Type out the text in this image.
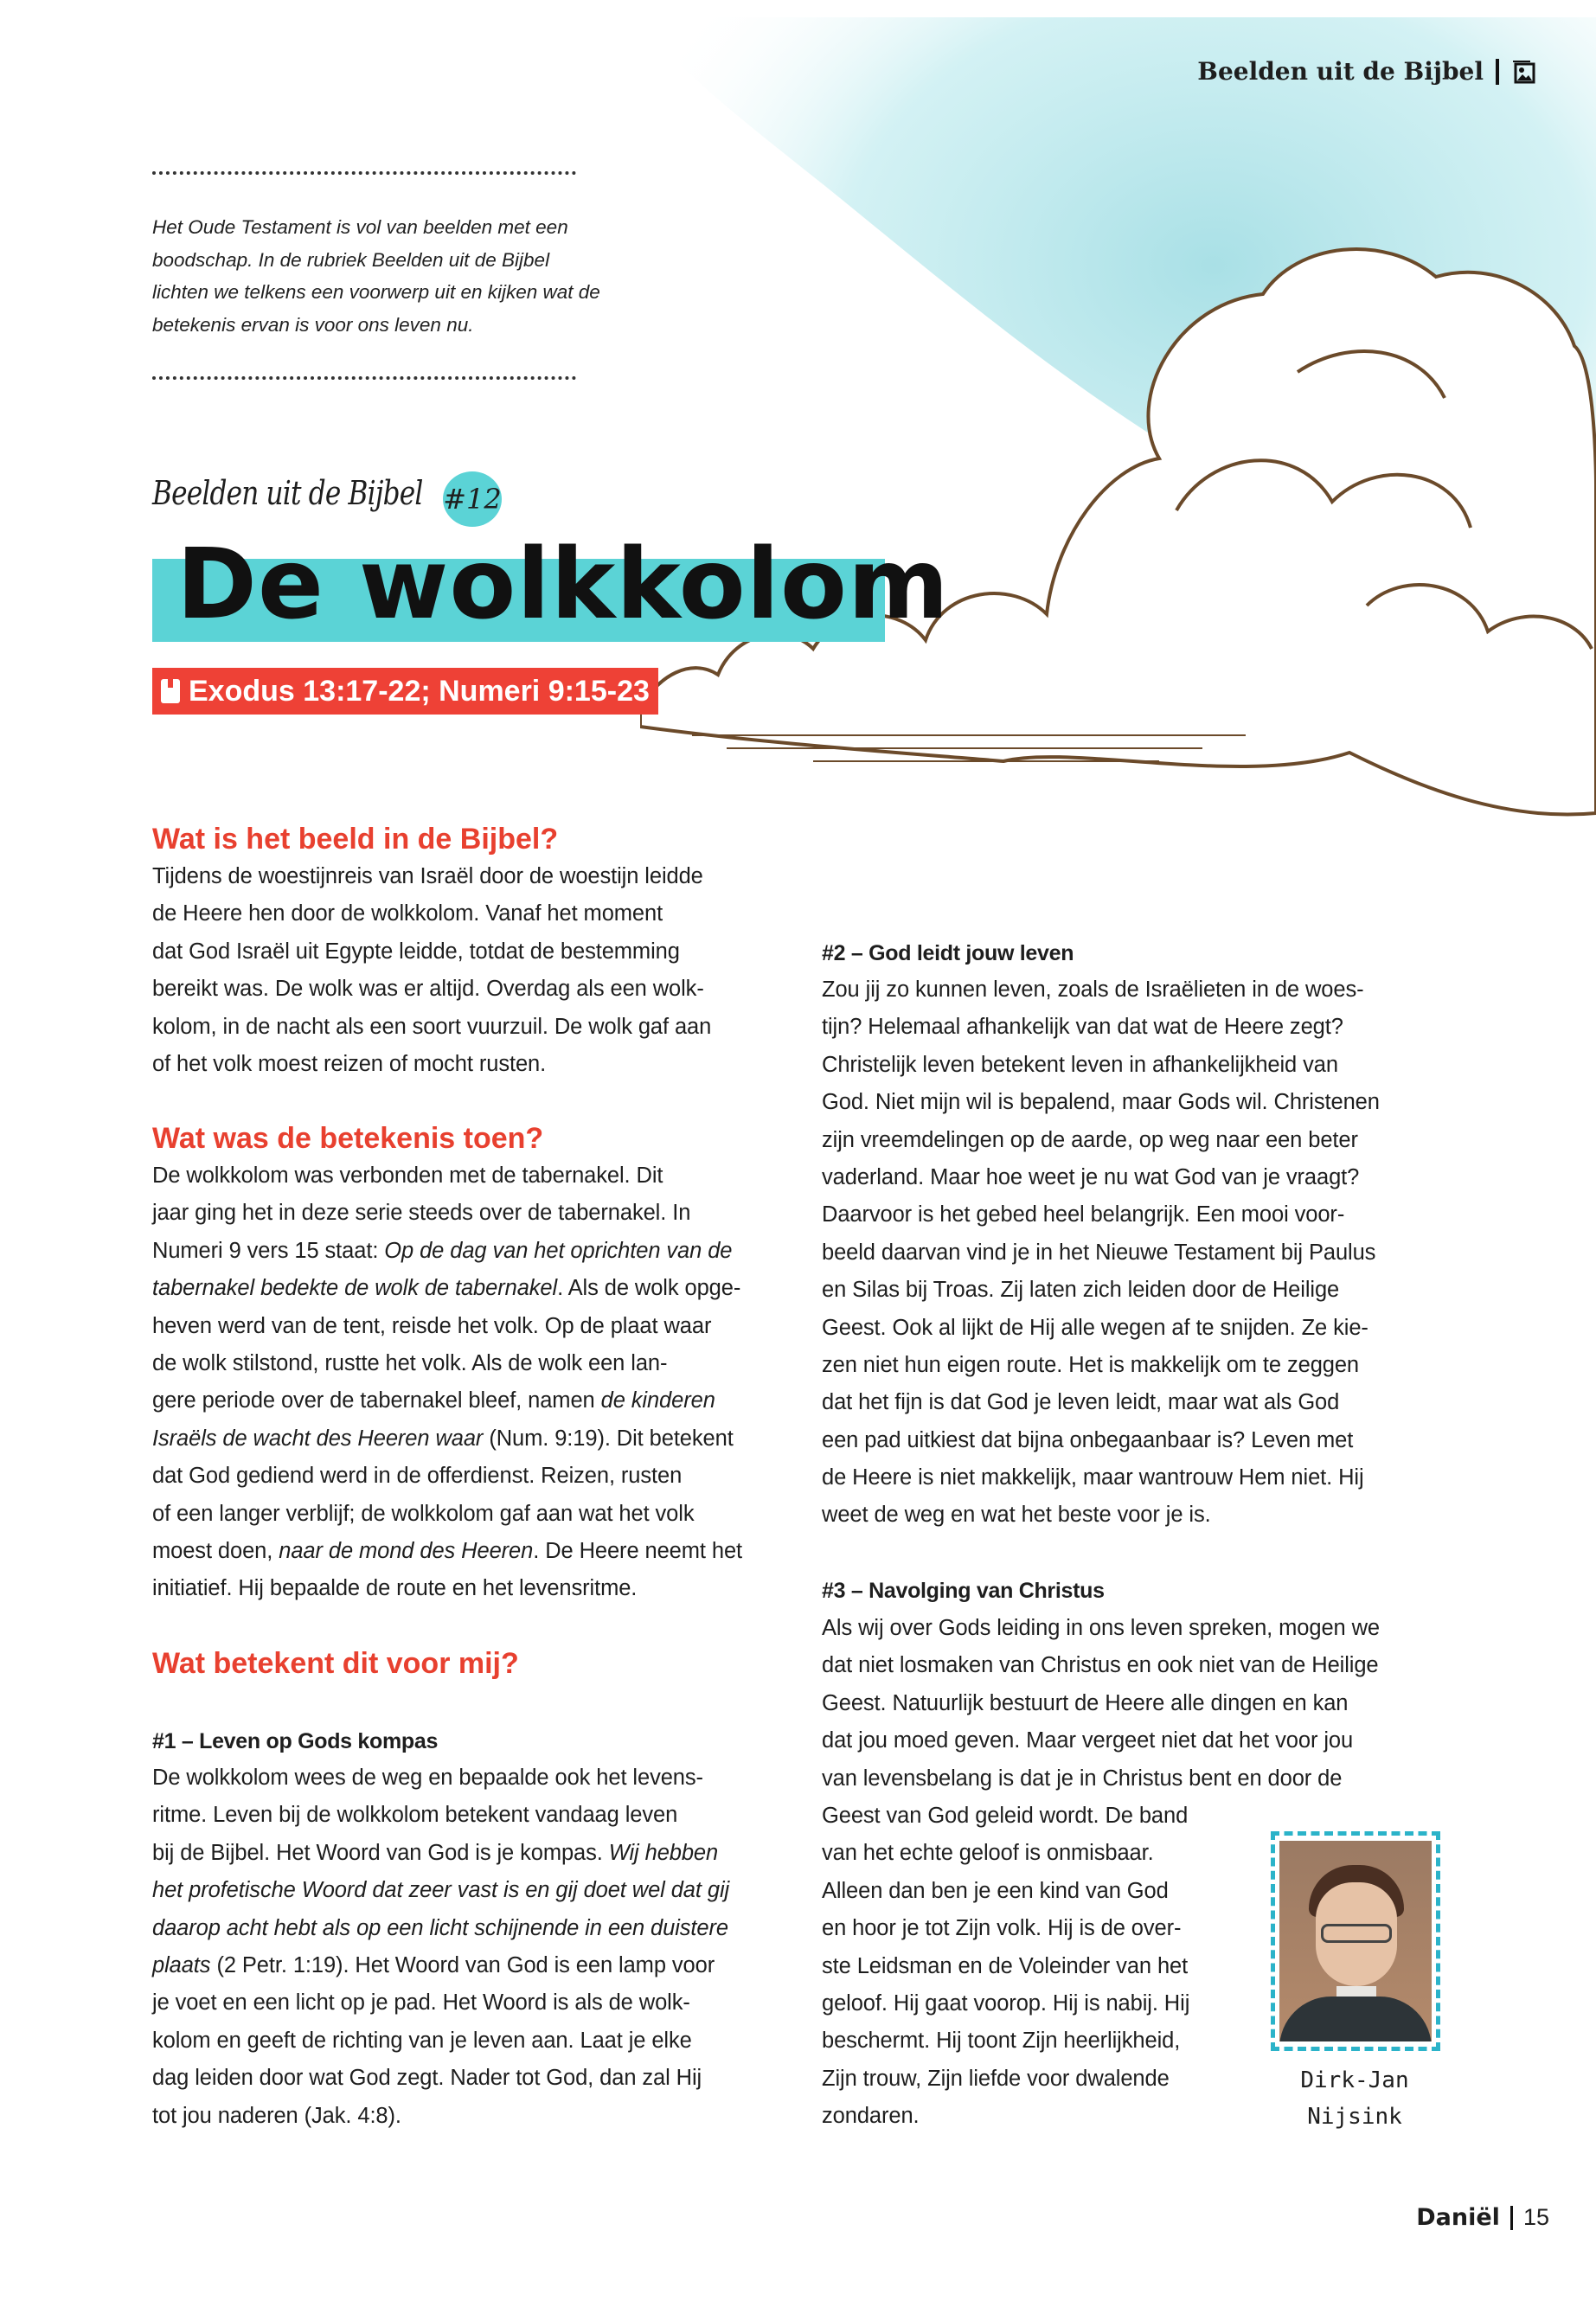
Beelden uit de Bijbel
Het Oude Testament is vol van beelden met een boodschap. In de rubriek Beelden uit de Bijbel lichten we telkens een voorwerp uit en kijken wat de betekenis ervan is voor ons leven nu.
Beelden uit de Bijbel #12
De wolkkolom
Exodus 13:17-22; Numeri 9:15-23
Wat is het beeld in de Bijbel?
Tijdens de woestijnreis van Israël door de woestijn leidde
de Heere hen door de wolkkolom. Vanaf het moment
dat God Israël uit Egypte leidde, totdat de bestemming
bereikt was. De wolk was er altijd. Overdag als een wolk-
kolom, in de nacht als een soort vuurzuil. De wolk gaf aan
of het volk moest reizen of mocht rusten.
Wat was de betekenis toen?
De wolkkolom was verbonden met de tabernakel. Dit
jaar ging het in deze serie steeds over de tabernakel. In
Numeri 9 vers 15 staat: Op de dag van het oprichten van de
tabernakel bedekte de wolk de tabernakel. Als de wolk opge-
heven werd van de tent, reisde het volk. Op de plaat waar
de wolk stilstond, rustte het volk. Als de wolk een lan-
gere periode over de tabernakel bleef, namen de kinderen
Israëls de wacht des Heeren waar (Num. 9:19). Dit betekent
dat God gediend werd in de offerdienst. Reizen, rusten
of een langer verblijf; de wolkkolom gaf aan wat het volk
moest doen, naar de mond des Heeren. De Heere neemt het
initiatief. Hij bepaalde de route en het levensritme.
Wat betekent dit voor mij?
#1 – Leven op Gods kompas
De wolkkolom wees de weg en bepaalde ook het levens-
ritme. Leven bij de wolkkolom betekent vandaag leven
bij de Bijbel. Het Woord van God is je kompas. Wij hebben
het profetische Woord dat zeer vast is en gij doet wel dat gij
daarop acht hebt als op een licht schijnende in een duistere
plaats (2 Petr. 1:19). Het Woord van God is een lamp voor
je voet en een licht op je pad. Het Woord is als de wolk-
kolom en geeft de richting van je leven aan. Laat je elke
dag leiden door wat God zegt. Nader tot God, dan zal Hij
tot jou naderen (Jak. 4:8).
#2 – God leidt jouw leven
Zou jij zo kunnen leven, zoals de Israëlieten in de woes-
tijn? Helemaal afhankelijk van dat wat de Heere zegt?
Christelijk leven betekent leven in afhankelijkheid van
God. Niet mijn wil is bepalend, maar Gods wil. Christenen
zijn vreemdelingen op de aarde, op weg naar een beter
vaderland. Maar hoe weet je nu wat God van je vraagt?
Daarvoor is het gebed heel belangrijk. Een mooi voor-
beeld daarvan vind je in het Nieuwe Testament bij Paulus
en Silas bij Troas. Zij laten zich leiden door de Heilige
Geest. Ook al lijkt de Hij alle wegen af te snijden. Ze kie-
zen niet hun eigen route. Het is makkelijk om te zeggen
dat het fijn is dat God je leven leidt, maar wat als God
een pad uitkiest dat bijna onbegaanbaar is? Leven met
de Heere is niet makkelijk, maar wantrouw Hem niet. Hij
weet de weg en wat het beste voor je is.
#3 – Navolging van Christus
Als wij over Gods leiding in ons leven spreken, mogen we
dat niet losmaken van Christus en ook niet van de Heilige
Geest. Natuurlijk bestuurt de Heere alle dingen en kan
dat jou moed geven. Maar vergeet niet dat het voor jou
van levensbelang is dat je in Christus bent en door de
Geest van God geleid wordt. De band
van het echte geloof is onmisbaar.
Alleen dan ben je een kind van God
en hoor je tot Zijn volk. Hij is de over-
ste Leidsman en de Voleinder van het
geloof. Hij gaat voorop. Hij is nabij. Hij
beschermt. Hij toont Zijn heerlijkheid,
Zijn trouw, Zijn liefde voor dwalende
zondaren.
Dirk-Jan
Nijsink
Daniël 15
